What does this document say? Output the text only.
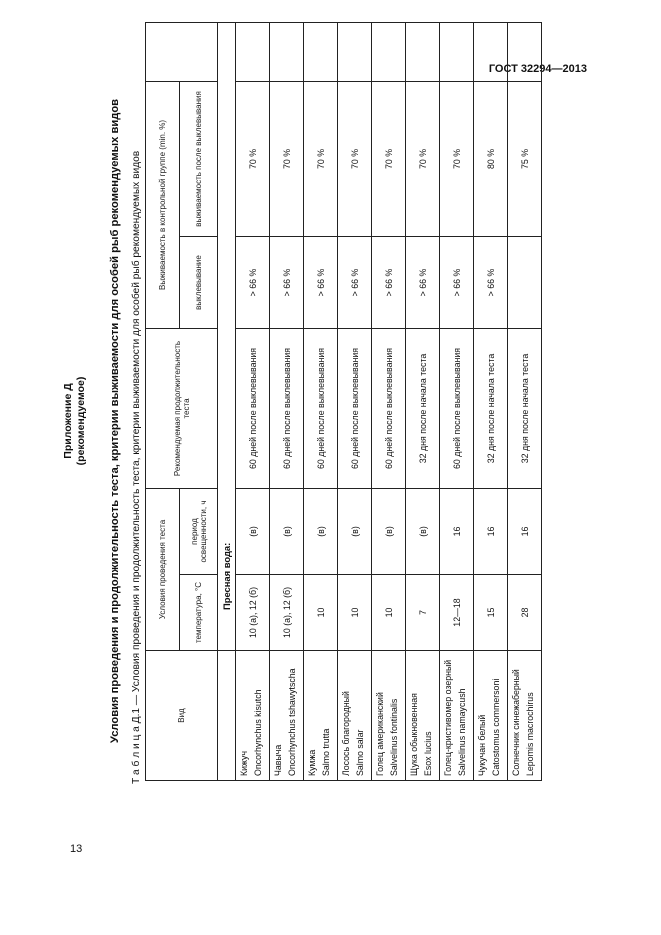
ГОСТ 32294—2013
Приложение Д (рекомендуемое) Условия проведения и продолжительность теста, критерии выживаемости для особей рыб рекомендуемых видов Т а б л и ц а Д.1 — Условия проведения и продолжительность теста, критерии выживаемости для особей рыб рекомендуемых видов	Вид	Условия проведения теста		Рекомендуемая продолжительность теста	Выживаемость в контрольной группе (min. %)		
	температура, °С	период освещенности, ч		выклевывание	выживаемость после выклевывания	
	Пресная вода:					

Кижуч Oncorhynchus kisutch	10 (а), 12 (б)	(в)	60 дней после выклевывания	> 66 %	70 %	

Чавыча Oncorhynchus tshawytscha	10 (а), 12 (б)	(в)	60 дней после выклевывания	> 66 %	70 %	

Кумжа Salmo trutta	10	(в)	60 дней после выклевывания	> 66 %	70 %	

Лосось благородный Salmo salar	10	(в)	60 дней после выклевывания	> 66 %	70 %	

Голец американский Salvelinus fontinalis	10	(в)	60 дней после выклевывания	> 66 %	70 %	

Щука обыкновенная Esox lucius	7	(в)	32 дня после начала теста	> 66 %	70 %	

Голец-кристивомер озерный Salvelinus namaycush	12—18	16	60 дней после выклевывания	> 66 %	70 %	

Чукучан белый Catostomus commersoni	15	16	32 дня после начала теста	> 66 %	80 %	

Солнечник синежаберный Lepomis macrochirus	28	16	32 дня после начала теста		75 %	
13
